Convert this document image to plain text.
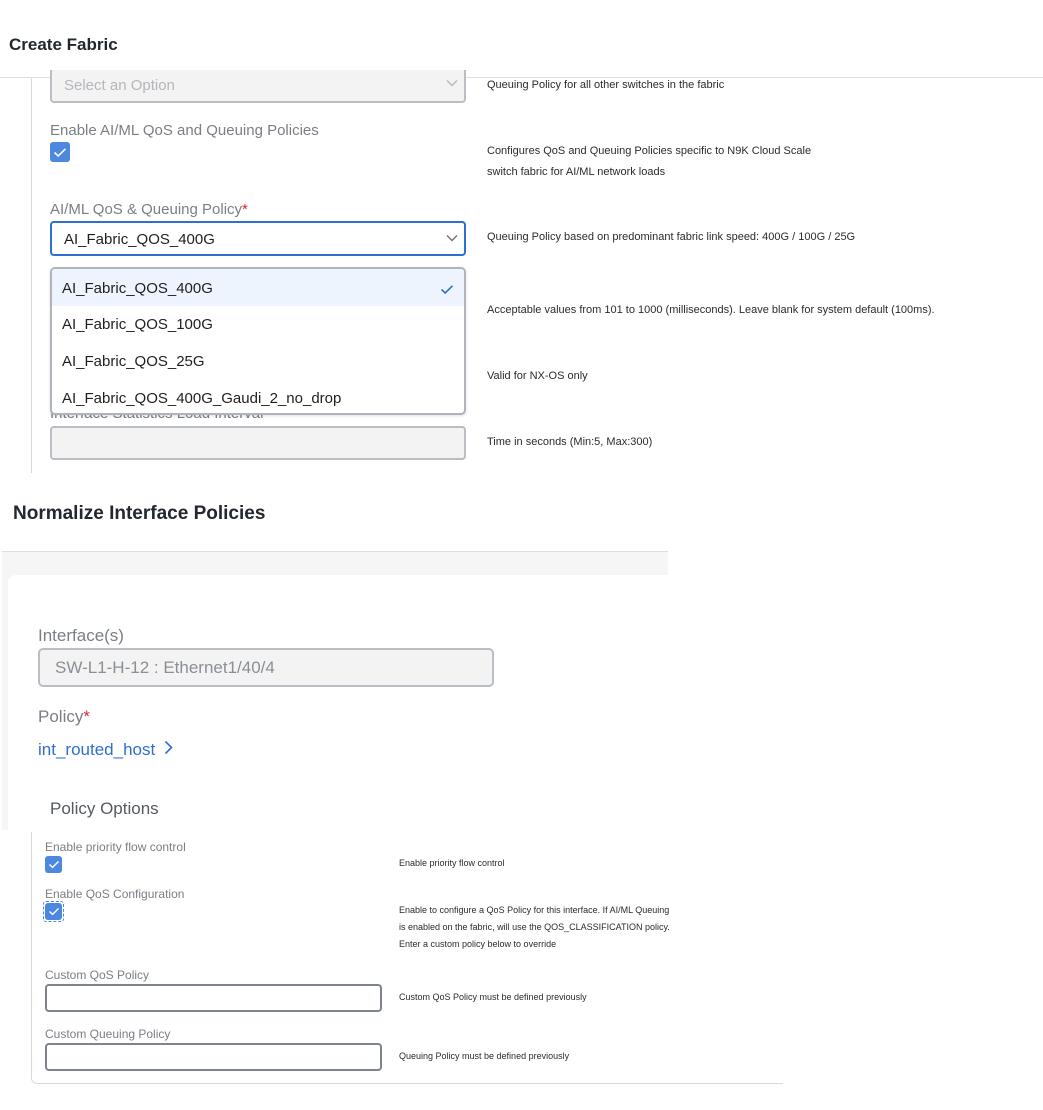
Create Fabric
Select an Option	Queuing Policy for all other switches in the fabric
Enable AI/ML QoS and Queuing Policies
Configures QoS and Queuing Policies specific to N9K Cloud Scale
switch fabric for AI/ML network loads
AI/ML QoS & Queuing Policy*
AI_Fabric_QOS_400G	Queuing Policy based on predominant fabric link speed: 400G / 100G / 25G
Acceptable values from 101 to 1000 (milliseconds). Leave blank for system default (100ms).
Valid for NX-OS only
Time in seconds (Min:5, Max:300)
AI_Fabric_QOS_400G
AI_Fabric_QOS_100G
AI_Fabric_QOS_25G
AI_Fabric_QOS_400G_Gaudi_2_no_drop
Normalize Interface Policies
Interface(s)
SW-L1-H-12 : Ethernet1/40/4
Policy*
int_routed_host
Policy Options
Enable priority flow control
Enable priority flow control
Enable QoS Configuration
Enable to configure a QoS Policy for this interface. If AI/ML Queuing
is enabled on the fabric, will use the QOS_CLASSIFICATION policy.
Enter a custom policy below to override
Custom QoS Policy
Custom QoS Policy must be defined previously
Custom Queuing Policy
Queuing Policy must be defined previously
